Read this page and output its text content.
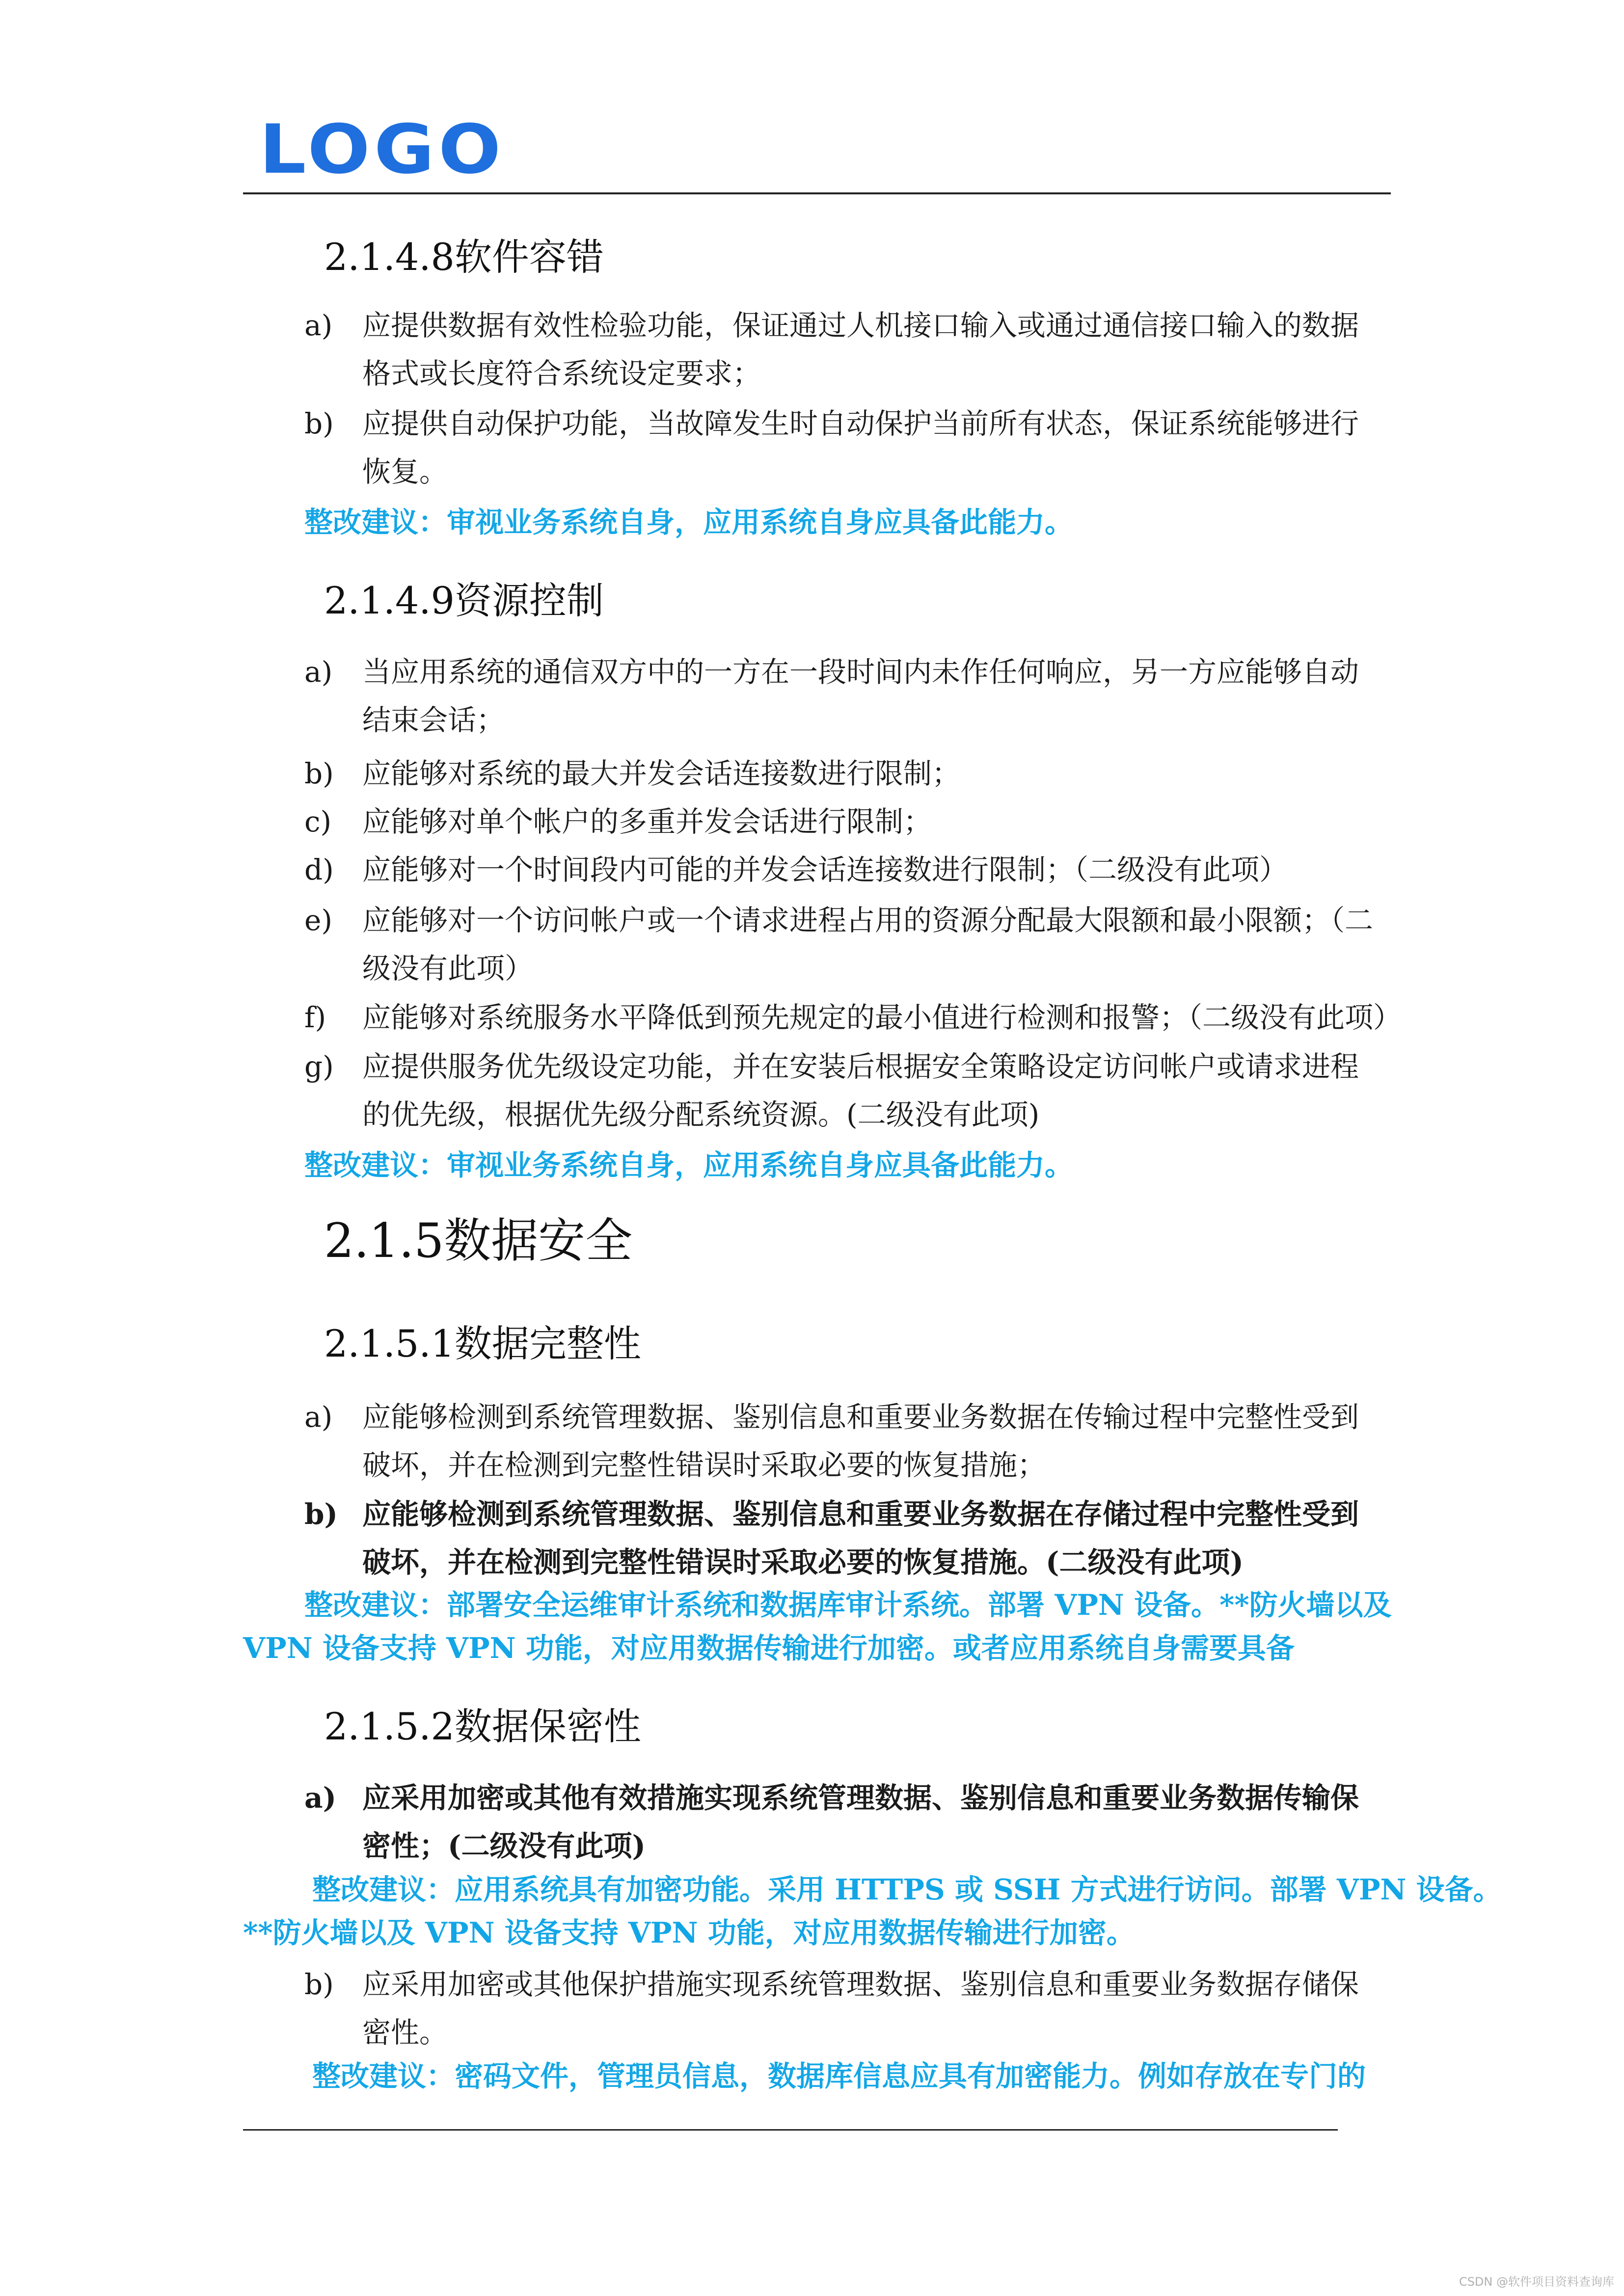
LOGO
2.1.4.8软件容错
a)	应提供数据有效性检验功能，保证通过人机接口输入或通过通信接口输入的数据
格式或长度符合系统设定要求；
b)	应提供自动保护功能，当故障发生时自动保护当前所有状态，保证系统能够进行
恢复。
整改建议：审视业务系统自身，应用系统自身应具备此能力。
2.1.4.9资源控制
a)	当应用系统的通信双方中的一方在一段时间内未作任何响应，另一方应能够自动
结束会话；
b)	应能够对系统的最大并发会话连接数进行限制；
c)	应能够对单个帐户的多重并发会话进行限制；
d)	应能够对一个时间段内可能的并发会话连接数进行限制；（二级没有此项）
e)	应能够对一个访问帐户或一个请求进程占用的资源分配最大限额和最小限额；（二
级没有此项）
f)	应能够对系统服务水平降低到预先规定的最小值进行检测和报警；（二级没有此项）
g)	应提供服务优先级设定功能，并在安装后根据安全策略设定访问帐户或请求进程
的优先级，根据优先级分配系统资源。(二级没有此项)
整改建议：审视业务系统自身，应用系统自身应具备此能力。
2.1.5数据安全
2.1.5.1数据完整性
a)	应能够检测到系统管理数据、鉴别信息和重要业务数据在传输过程中完整性受到
破坏，并在检测到完整性错误时采取必要的恢复措施；
b) 应能够检测到系统管理数据、鉴别信息和重要业务数据在存储过程中完整性受到
破坏，并在检测到完整性错误时采取必要的恢复措施。(二级没有此项)
整改建议：部署安全运维审计系统和数据库审计系统。部署 VPN 设备。**防火墙以及
VPN 设备支持 VPN 功能，对应用数据传输进行加密。或者应用系统自身需要具备
2.1.5.2数据保密性
a) 应采用加密或其他有效措施实现系统管理数据、鉴别信息和重要业务数据传输保
密性；(二级没有此项)
整改建议：应用系统具有加密功能。采用 HTTPS 或 SSH 方式进行访问。部署 VPN 设备。
**防火墙以及 VPN 设备支持 VPN 功能，对应用数据传输进行加密。
b)	应采用加密或其他保护措施实现系统管理数据、鉴别信息和重要业务数据存储保
密性。
整改建议：密码文件，管理员信息，数据库信息应具有加密能力。例如存放在专门的
CSDN @软件项目资料查询库
